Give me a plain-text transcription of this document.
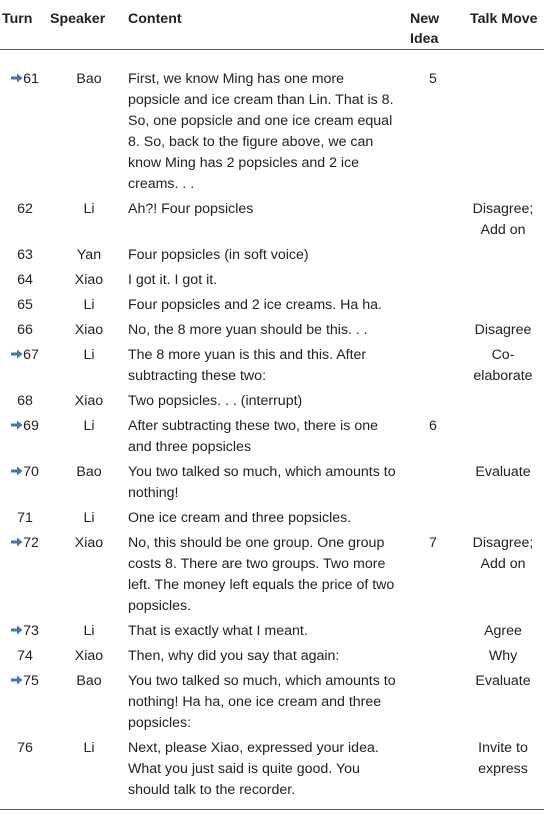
Turn	Speaker	Content	New Idea	Talk Move
61	Bao	First, we know Ming has one more popsicle and ice cream than Lin. That is 8. So, one popsicle and one ice cream equal 8. So, back to the figure above, we can know Ming has 2 popsicles and 2 ice creams. . .	5	
62	Li	Ah?! Four popsicles		Disagree; Add on
63	Yan	Four popsicles (in soft voice)		
64	Xiao	I got it. I got it.		
65	Li	Four popsicles and 2 ice creams. Ha ha.		
66	Xiao	No, the 8 more yuan should be this. . .		Disagree
67	Li	The 8 more yuan is this and this. After subtracting these two:		Co-elaborate
68	Xiao	Two popsicles. . . (interrupt)		
69	Li	After subtracting these two, there is one and three popsicles	6	
70	Bao	You two talked so much, which amounts to nothing!		Evaluate
71	Li	One ice cream and three popsicles.		
72	Xiao	No, this should be one group. One group costs 8. There are two groups. Two more left. The money left equals the price of two popsicles.	7	Disagree; Add on
73	Li	That is exactly what I meant.		Agree
74	Xiao	Then, why did you say that again:		Why
75	Bao	You two talked so much, which amounts to nothing! Ha ha, one ice cream and three popsicles:		Evaluate
76	Li	Next, please Xiao, expressed your idea. What you just said is quite good. You should talk to the recorder.		Invite to express
